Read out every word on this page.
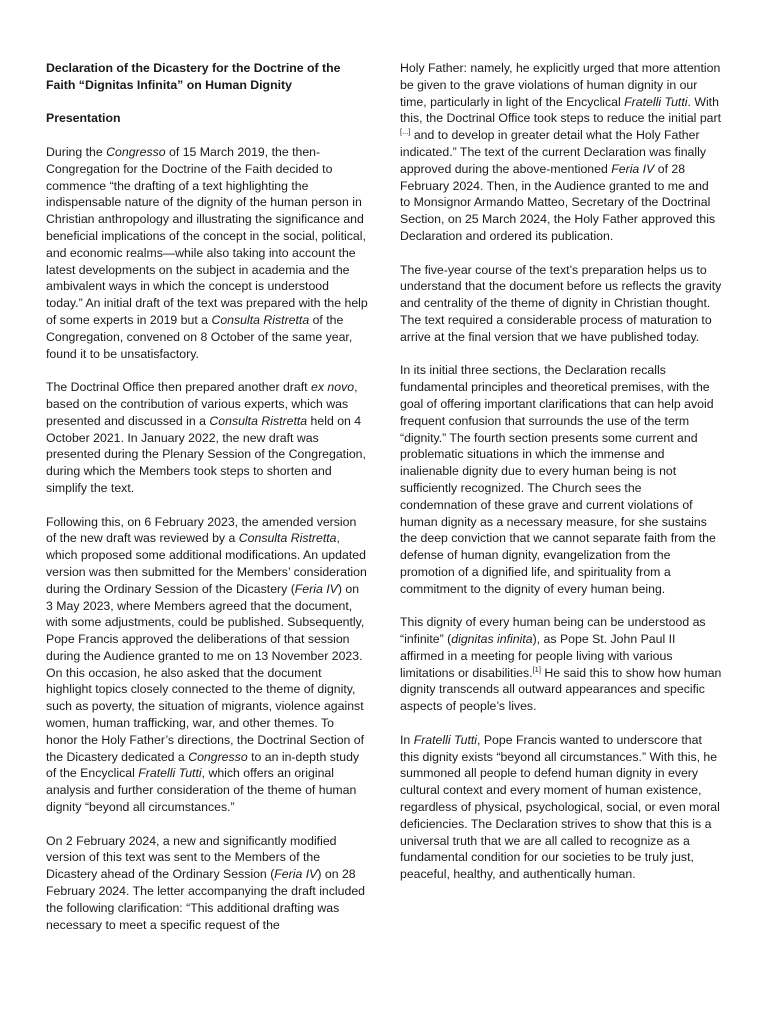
Declaration of the Dicastery for the Doctrine of the Faith “Dignitas Infinita” on Human Dignity
Presentation

During the Congresso of 15 March 2019, the then-Congregation for the Doctrine of the Faith decided to commence “the drafting of a text highlighting the indispensable nature of the dignity of the human person in Christian anthropology and illustrating the significance and beneficial implications of the concept in the social, political, and economic realms—while also taking into account the latest developments on the subject in academia and the ambivalent ways in which the concept is understood today.” An initial draft of the text was prepared with the help of some experts in 2019 but a Consulta Ristretta of the Congregation, convened on 8 October of the same year, found it to be unsatisfactory.

The Doctrinal Office then prepared another draft ex novo, based on the contribution of various experts, which was presented and discussed in a Consulta Ristretta held on 4 October 2021. In January 2022, the new draft was presented during the Plenary Session of the Congregation, during which the Members took steps to shorten and simplify the text.

Following this, on 6 February 2023, the amended version of the new draft was reviewed by a Consulta Ristretta, which proposed some additional modifications. An updated version was then submitted for the Members’ consideration during the Ordinary Session of the Dicastery (Feria IV) on 3 May 2023, where Members agreed that the document, with some adjustments, could be published. Subsequently, Pope Francis approved the deliberations of that session during the Audience granted to me on 13 November 2023. On this occasion, he also asked that the document highlight topics closely connected to the theme of dignity, such as poverty, the situation of migrants, violence against women, human trafficking, war, and other themes. To honor the Holy Father’s directions, the Doctrinal Section of the Dicastery dedicated a Congresso to an in-depth study of the Encyclical Fratelli Tutti, which offers an original analysis and further consideration of the theme of human dignity “beyond all circumstances.”

On 2 February 2024, a new and significantly modified version of this text was sent to the Members of the Dicastery ahead of the Ordinary Session (Feria IV) on 28 February 2024. The letter accompanying the draft included the following clarification: “This additional drafting was necessary to meet a specific request of the

Holy Father: namely, he explicitly urged that more attention be given to the grave violations of human dignity in our time, particularly in light of the Encyclical Fratelli Tutti. With this, the Doctrinal Office took steps to reduce the initial part [...] and to develop in greater detail what the Holy Father indicated.” The text of the current Declaration was finally approved during the above-mentioned Feria IV of 28 February 2024. Then, in the Audience granted to me and to Monsignor Armando Matteo, Secretary of the Doctrinal Section, on 25 March 2024, the Holy Father approved this Declaration and ordered its publication.

The five-year course of the text’s preparation helps us to understand that the document before us reflects the gravity and centrality of the theme of dignity in Christian thought. The text required a considerable process of maturation to arrive at the final version that we have published today.

In its initial three sections, the Declaration recalls fundamental principles and theoretical premises, with the goal of offering important clarifications that can help avoid frequent confusion that surrounds the use of the term “dignity.” The fourth section presents some current and problematic situations in which the immense and inalienable dignity due to every human being is not sufficiently recognized. The Church sees the condemnation of these grave and current violations of human dignity as a necessary measure, for she sustains the deep conviction that we cannot separate faith from the defense of human dignity, evangelization from the promotion of a dignified life, and spirituality from a commitment to the dignity of every human being.

This dignity of every human being can be understood as “infinite” (dignitas infinita), as Pope St. John Paul II affirmed in a meeting for people living with various limitations or disabilities.[1] He said this to show how human dignity transcends all outward appearances and specific aspects of people’s lives.

In Fratelli Tutti, Pope Francis wanted to underscore that this dignity exists “beyond all circumstances.” With this, he summoned all people to defend human dignity in every cultural context and every moment of human existence, regardless of physical, psychological, social, or even moral deficiencies. The Declaration strives to show that this is a universal truth that we are all called to recognize as a fundamental condition for our societies to be truly just, peaceful, healthy, and authentically human.
